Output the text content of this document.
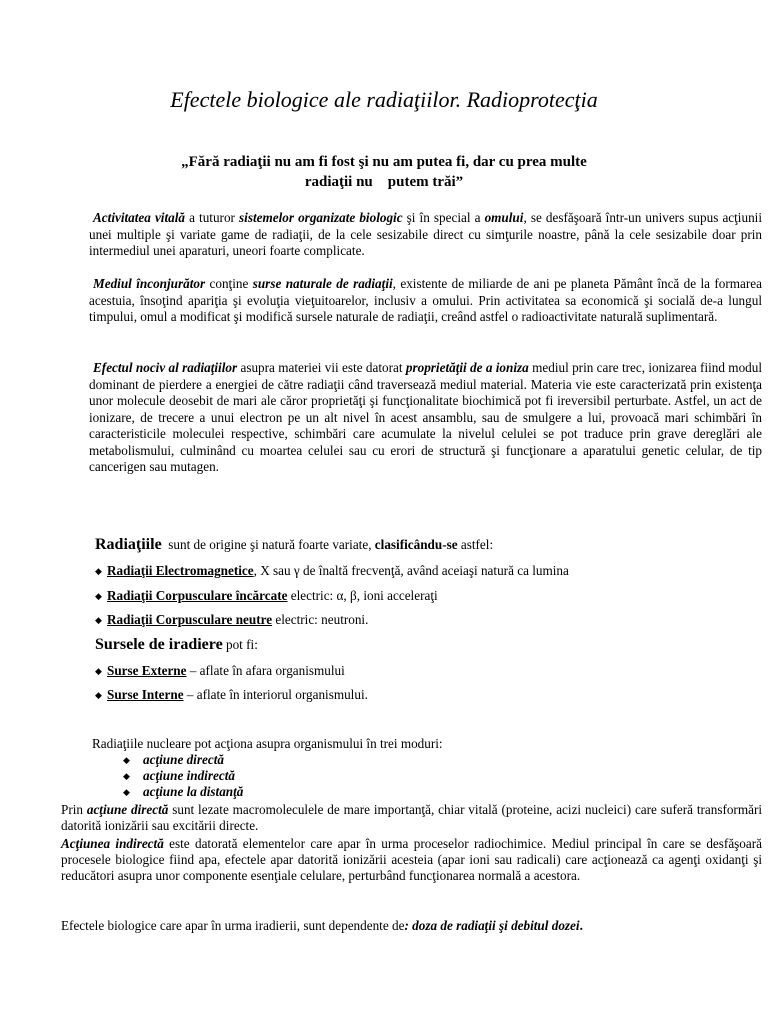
Efectele biologice ale radiaţiilor. Radioprotecţia
„Fără radiaţii nu am fi fost şi nu am putea fi, dar cu prea multe
radiaţii nu    putem trăi”
Activitatea vitală a tuturor sistemelor organizate biologic şi în special a omului, se desfăşoară într-un univers supus acţiunii unei multiple şi variate game de radiaţii, de la cele sesizabile direct cu simţurile noastre, până la cele sesizabile doar prin intermediul unei aparaturi, uneori foarte complicate.
Mediul înconjurător conţine surse naturale de radiaţii, existente de miliarde de ani pe planeta Pământ încă de la formarea acestuia, însoţind apariţia şi evoluţia vieţuitoarelor, inclusiv a omului. Prin activitatea sa economică şi socială de-a lungul timpului, omul a modificat şi modifică sursele naturale de radiaţii, creând astfel o radioactivitate naturală suplimentară.
Efectul nociv al radiaţiilor asupra materiei vii este datorat proprietăţii de a ioniza mediul prin care trec, ionizarea fiind modul dominant de pierdere a energiei de către radiaţii când traversează mediul material. Materia vie este caracterizată prin existenţa unor molecule deosebit de mari ale căror proprietăţi şi funcţionalitate biochimică pot fi ireversibil perturbate. Astfel, un act de ionizare, de trecere a unui electron pe un alt nivel în acest ansamblu, sau de smulgere a lui, provoacă mari schimbări în caracteristicile moleculei respective, schimbări care acumulate la nivelul celulei se pot traduce prin grave dereglări ale metabolismului, culminând cu moartea celulei sau cu erori de structură şi funcţionare a aparatului genetic celular, de tip cancerigen sau mutagen.
Radiaţiile  sunt de origine şi natură foarte variate, clasificându-se astfel:
◆ Radiaţii Electromagnetice, X sau γ de înaltă frecvenţă, având aceiaşi natură ca lumina
◆ Radiaţii Corpusculare încărcate electric: α, β, ioni acceleraţi
◆ Radiaţii Corpusculare neutre electric: neutroni.
Sursele de iradiere pot fi:
◆ Surse Externe – aflate în afara organismului
◆ Surse Interne – aflate în interiorul organismului.
Radiaţiile nucleare pot acţiona asupra organismului în trei moduri:
◆ acţiune directă
◆ acţiune indirectă
◆ acţiune la distanţă
Prin acţiune directă sunt lezate macromoleculele de mare importanţă, chiar vitală (proteine, acizi nucleici) care suferă transformări datorită ionizării sau excitării directe.
Acţiunea indirectă este datorată elementelor care apar în urma proceselor radiochimice. Mediul principal în care se desfăşoară procesele biologice fiind apa, efectele apar datorită ionizării acesteia (apar ioni sau radicali) care acţionează ca agenţi oxidanţi şi reducători asupra unor componente esenţiale celulare, perturbând funcţionarea normală a acestora.
Efectele biologice care apar în urma iradierii, sunt dependente de: doza de radiaţii şi debitul dozei.
